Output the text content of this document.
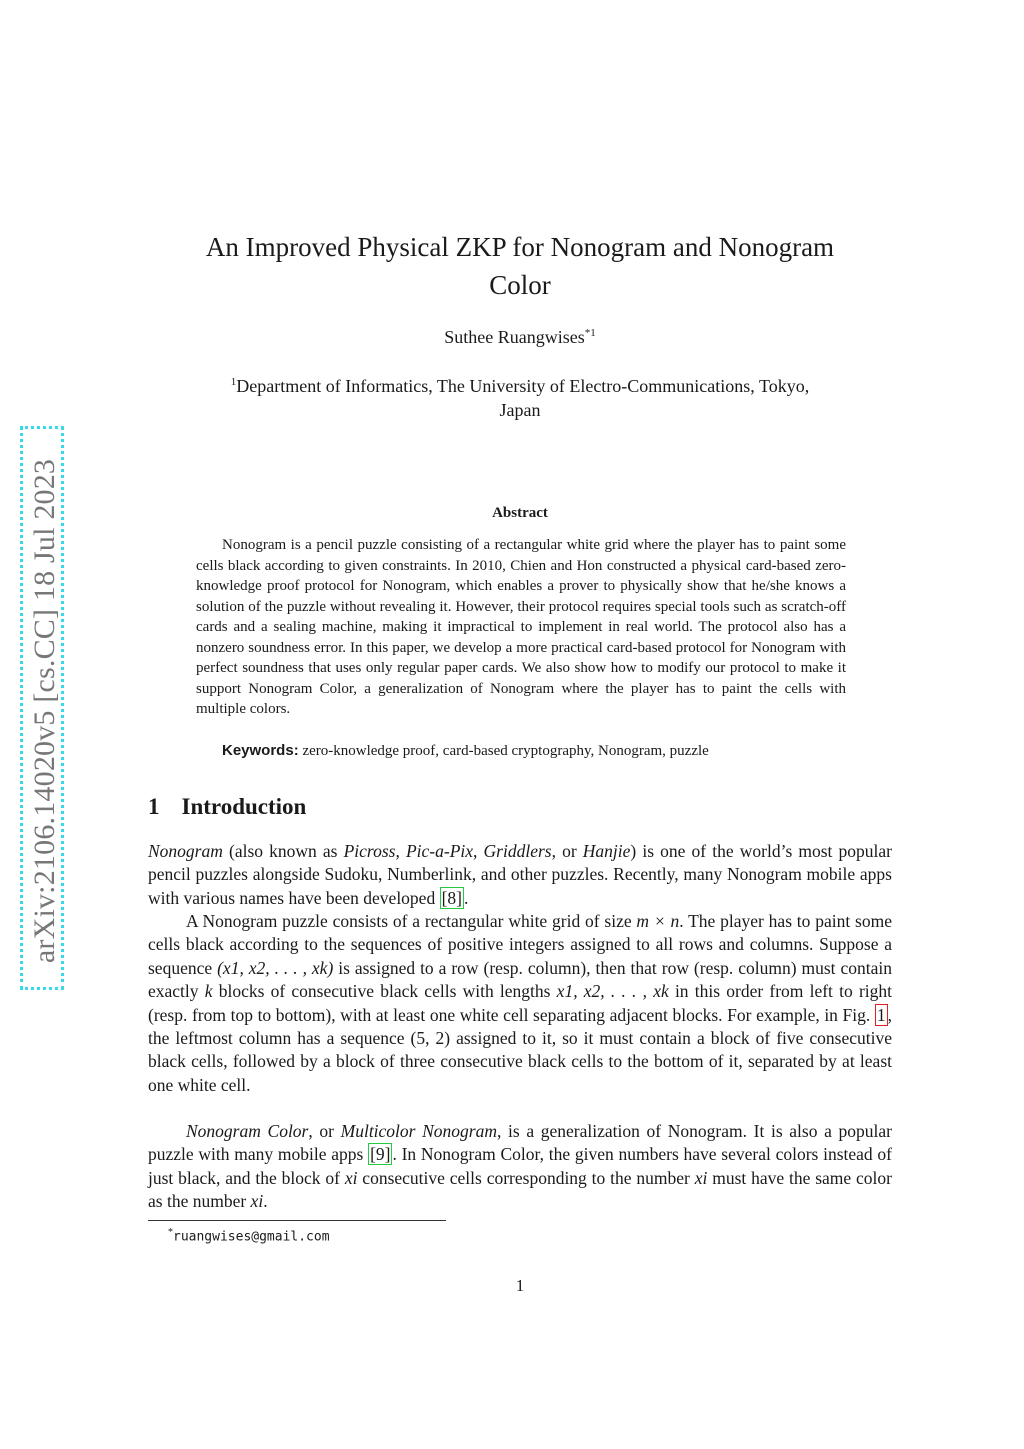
arXiv:2106.14020v5 [cs.CC] 18 Jul 2023
An Improved Physical ZKP for Nonogram and Nonogram
Color
Suthee Ruangwises$^{*1}$
$^1$Department of Informatics, The University of Electro-Communications, Tokyo,
Japan
Abstract
Nonogram is a pencil puzzle consisting of a rectangular white grid where the player has to paint some cells black according to given constraints. In 2010, Chien and Hon constructed a physical card-based zero-knowledge proof protocol for Nonogram, which enables a prover to physically show that he/she knows a solution of the puzzle without revealing it. However, their protocol requires special tools such as scratch-off cards and a sealing machine, making it impractical to implement in real world. The protocol also has a nonzero soundness error. In this paper, we develop a more practical card-based protocol for Nonogram with perfect soundness that uses only regular paper cards. We also show how to modify our protocol to make it support Nonogram Color, a generalization of Nonogram where the player has to paint the cells with multiple colors.
Keywords: zero-knowledge proof, card-based cryptography, Nonogram, puzzle
1 Introduction
Nonogram (also known as Picross, Pic-a-Pix, Griddlers, or Hanjie) is one of the world’s most popular pencil puzzles alongside Sudoku, Numberlink, and other puzzles. Recently, many Nonogram mobile apps with various names have been developed [8] .
A Nonogram puzzle consists of a rectangular white grid of size m × n. The player has to paint some cells black according to the sequences of positive integers assigned to all rows and columns. Suppose a sequence (x1, x2, . . . , xk) is assigned to a row (resp. column), then that row (resp. column) must contain exactly k blocks of consecutive black cells with lengths x1, x2, . . . , xk in this order from left to right (resp. from top to bottom), with at least one white cell separating adjacent blocks. For example, in Fig. 1 , the leftmost column has a sequence (5, 2) assigned to it, so it must contain a block of five consecutive black cells, followed by a block of three consecutive black cells to the bottom of it, separated by at least one white cell.
Nonogram Color, or Multicolor Nonogram, is a generalization of Nonogram. It is also a popular puzzle with many mobile apps [9] . In Nonogram Color, the given numbers have several colors instead of just black, and the block of xi consecutive cells corresponding to the number xi must have the same color as the number xi.
*ruangwises@gmail.com
1
